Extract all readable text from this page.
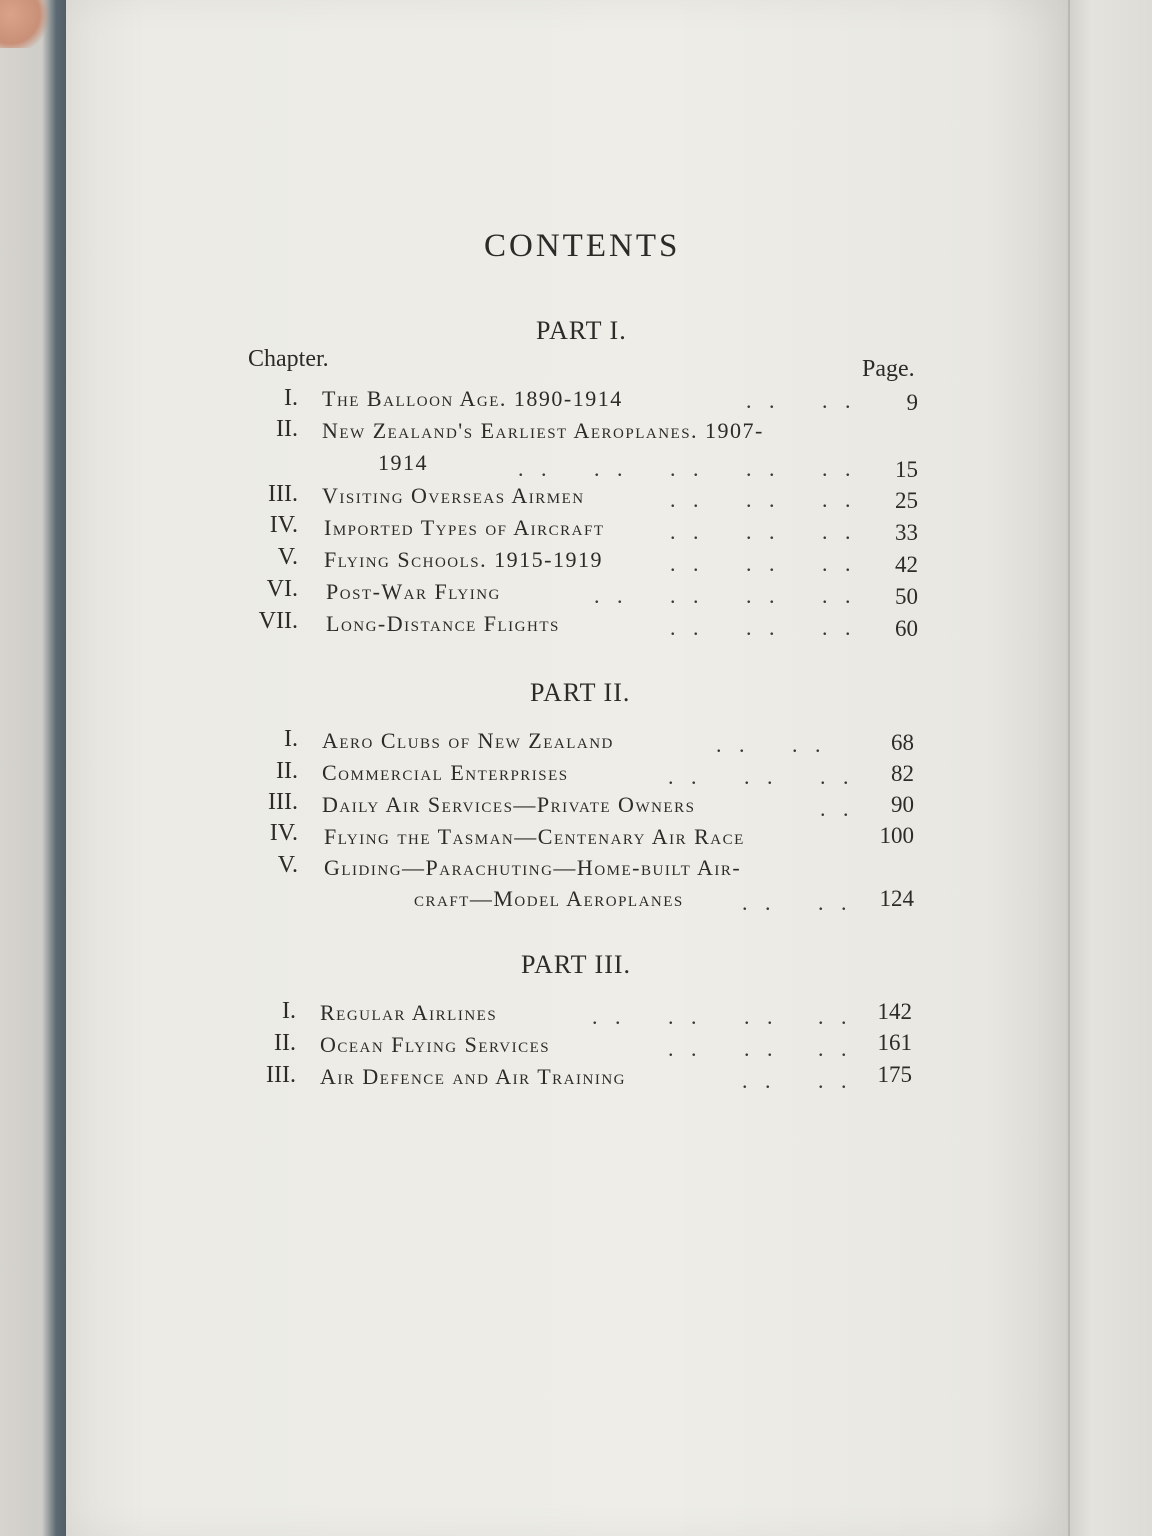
CONTENTS
PART I.
Chapter.	Page.
I. The Balloon Age. 1890-1914	. . . .	9
II. New Zealand's Earliest Aeroplanes. 1907-
1914	. . . . . . . . . .	15
III. Visiting Overseas Airmen	. . . . . .	25
IV. Imported Types of Aircraft	. . . . . .	33
V. Flying Schools. 1915-1919	. . . . . .	42
VI. Post-War Flying	. . . . . . . .	50
VII. Long-Distance Flights	. . . . . .	60
PART II.
I. Aero Clubs of New Zealand	. . . .	68
II. Commercial Enterprises	. . . . . .	82
III. Daily Air Services—Private Owners	. .	90
IV. Flying the Tasman—Centenary Air Race	100
V. Gliding—Parachuting—Home-built Air-
craft—Model Aeroplanes	. . . .	124
PART III.
I. Regular Airlines	. . . . . . . .	142
II. Ocean Flying Services	. . . . . .	161
III. Air Defence and Air Training	. . . .	175
